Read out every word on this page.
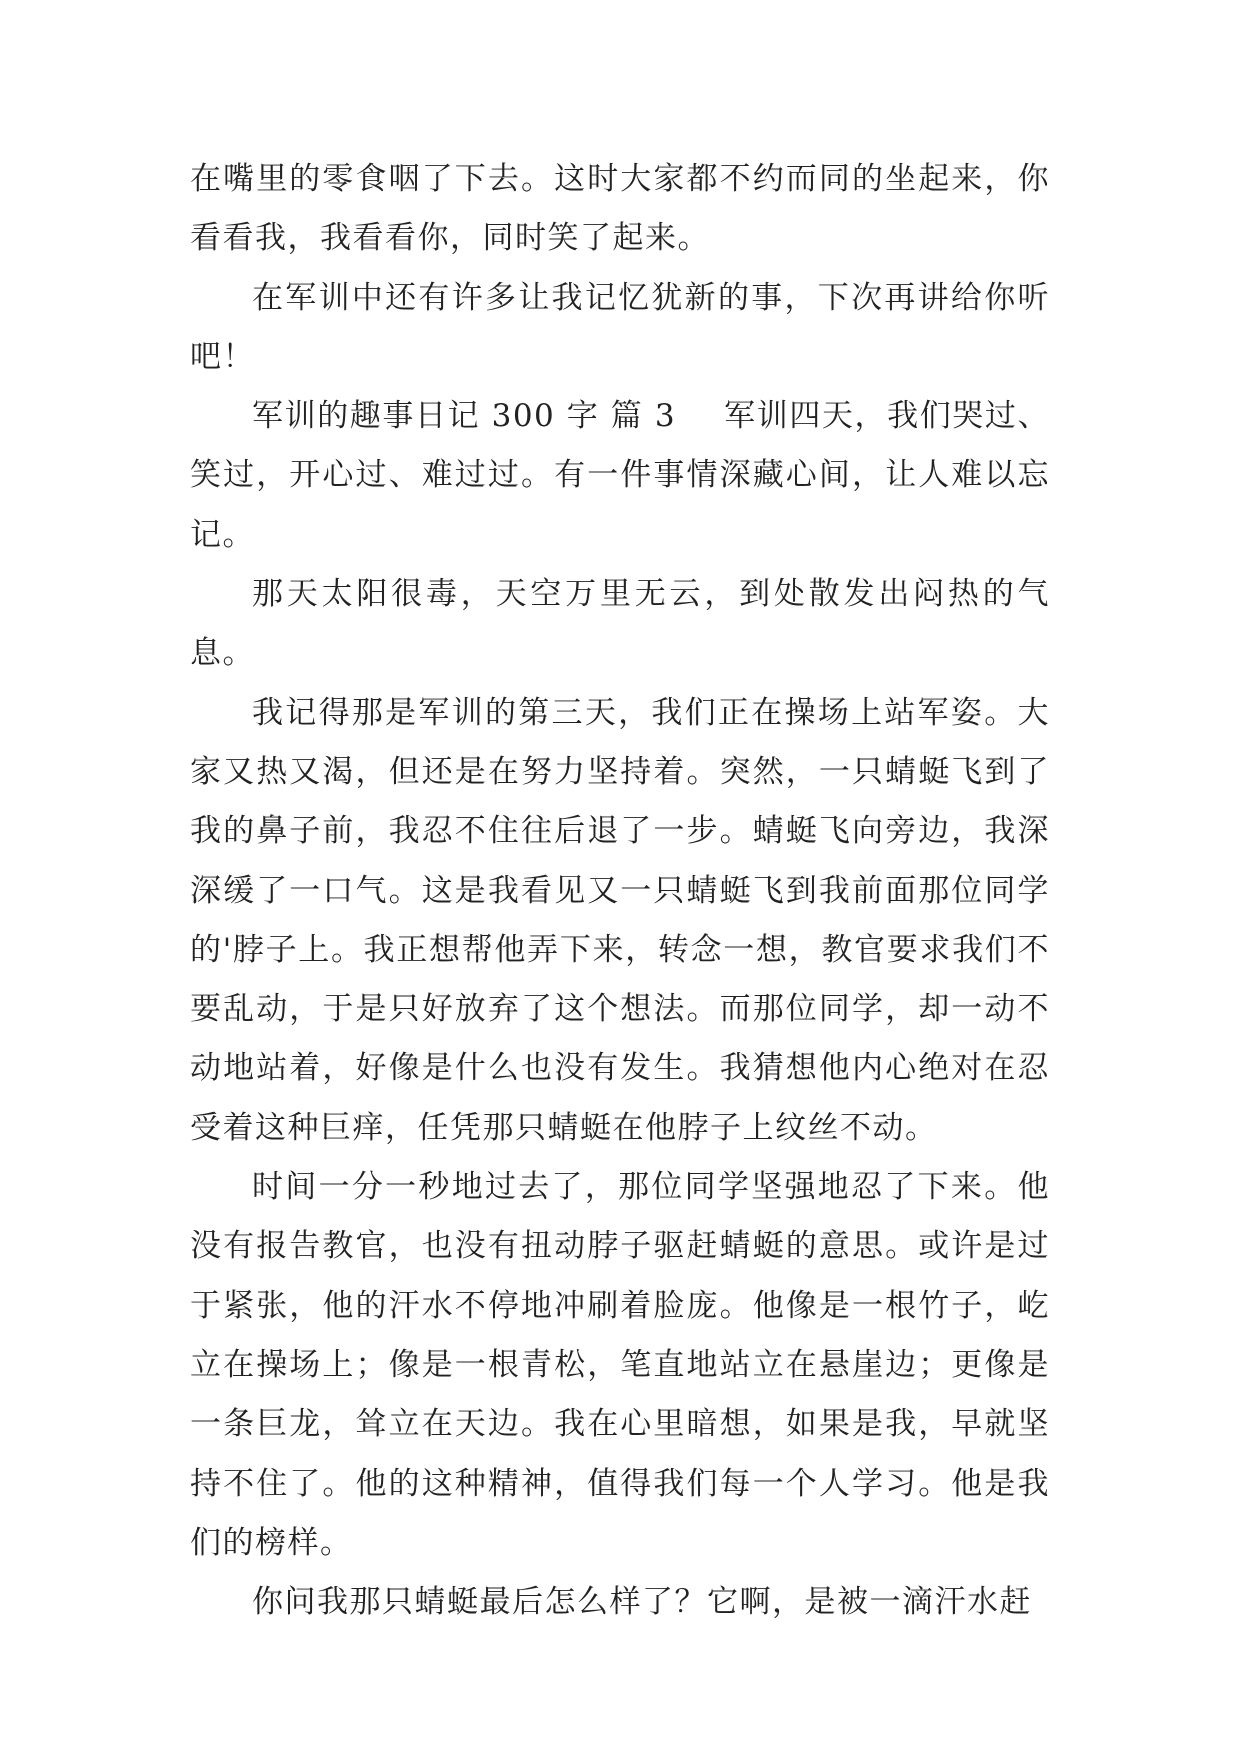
在嘴里的零食咽了下去。这时大家都不约而同的坐起来，你看看我，我看看你，同时笑了起来。

在军训中还有许多让我记忆犹新的事，下次再讲给你听吧！

军训的趣事日记 300 字 篇 3 军训四天，我们哭过、笑过，开心过、难过过。有一件事情深藏心间，让人难以忘记。

那天太阳很毒，天空万里无云，到处散发出闷热的气息。

我记得那是军训的第三天，我们正在操场上站军姿。大家又热又渴，但还是在努力坚持着。突然，一只蜻蜓飞到了我的鼻子前，我忍不住往后退了一步。蜻蜓飞向旁边，我深深缓了一口气。这是我看见又一只蜻蜓飞到我前面那位同学的'脖子上。我正想帮他弄下来，转念一想，教官要求我们不要乱动，于是只好放弃了这个想法。而那位同学，却一动不动地站着，好像是什么也没有发生。我猜想他内心绝对在忍受着这种巨痒，任凭那只蜻蜓在他脖子上纹丝不动。

时间一分一秒地过去了，那位同学坚强地忍了下来。他没有报告教官，也没有扭动脖子驱赶蜻蜓的意思。或许是过于紧张，他的汗水不停地冲刷着脸庞。他像是一根竹子，屹立在操场上；像是一根青松，笔直地站立在悬崖边；更像是一条巨龙，耸立在天边。我在心里暗想，如果是我，早就坚持不住了。他的这种精神，值得我们每一个人学习。他是我们的榜样。

你问我那只蜻蜓最后怎么样了？它啊，是被一滴汗水赶
